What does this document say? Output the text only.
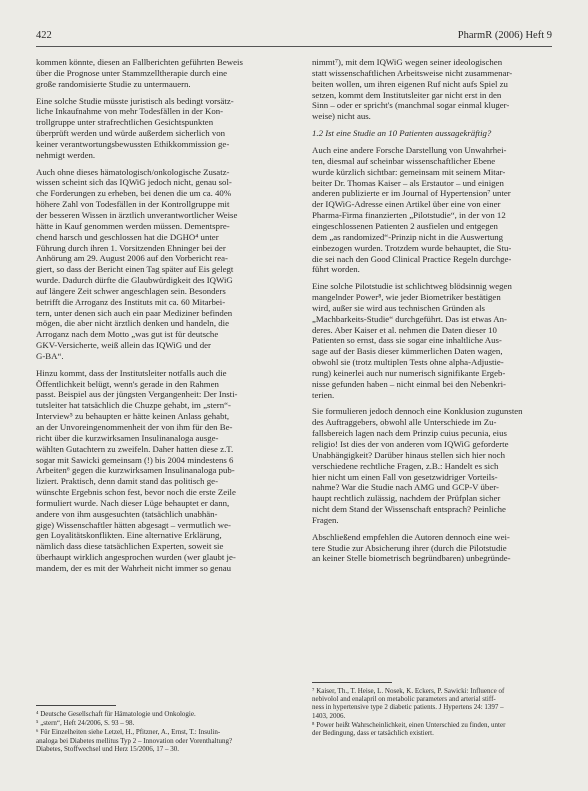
422	PharmR (2006) Heft 9

kommen könnte, diesen an Fallberichten geführten Beweis
über die Prognose unter Stammzelltherapie durch eine
große randomisierte Studie zu untermauern.

Eine solche Studie müsste juristisch als bedingt vorsätz-
liche Inkaufnahme von mehr Todesfällen in der Kon-
trollgruppe unter strafrechtlichen Gesichtspunkten
überprüft werden und würde außerdem sicherlich von
keiner verantwortungsbewussten Ethikkommission ge-
nehmigt werden.

Auch ohne dieses hämatologisch/onkologische Zusatz-
wissen scheint sich das IQWiG jedoch nicht, genau sol-
che Forderungen zu erheben, bei denen die um ca. 40%
höhere Zahl von Todesfällen in der Kontrollgruppe mit
der besseren Wissen in ärztlich unverantwortlicher Weise
hätte in Kauf genommen werden müssen. Dementspre-
chend harsch und geschlossen hat die DGHO⁴ unter
Führung durch ihren 1. Vorsitzenden Ehninger bei der
Anhörung am 29. August 2006 auf den Vorbericht rea-
giert, so dass der Bericht einen Tag später auf Eis gelegt
wurde. Dadurch dürfte die Glaubwürdigkeit des IQWiG
auf längere Zeit schwer angeschlagen sein. Besonders
betrifft die Arroganz des Instituts mit ca. 60 Mitarbei-
tern, unter denen sich auch ein paar Mediziner befinden
mögen, die aber nicht ärztlich denken und handeln, die
Arroganz nach dem Motto „was gut ist für deutsche
GKV-Versicherte, weiß allein das IQWiG und der
G-BA“.

Hinzu kommt, dass der Institutsleiter notfalls auch die
Öffentlichkeit belügt, wenn's gerade in den Rahmen
passt. Beispiel aus der jüngsten Vergangenheit: Der Insti-
tutsleiter hat tatsächlich die Chuzpe gehabt, im „stern“-
Interview⁵ zu behaupten er hätte keinen Anlass gehabt,
an der Unvoreingenommenheit der von ihm für den Be-
richt über die kurzwirksamen Insulinanaloga ausge-
wählten Gutachtern zu zweifeln. Daher hatten diese z.T.
sogar mit Sawicki gemeinsam (!) bis 2004 mindestens 6
Arbeiten⁶ gegen die kurzwirksamen Insulinanaloga pub-
liziert. Praktisch, denn damit stand das politisch ge-
wünschte Ergebnis schon fest, bevor noch die erste Zeile
formuliert wurde. Nach dieser Lüge behauptet er dann,
andere von ihm ausgesuchten (tatsächlich unabhän-
gige) Wissenschaftler hätten abgesagt – vermutlich we-
gen Loyalitätskonflikten. Eine alternative Erklärung,
nämlich dass diese tatsächlichen Experten, soweit sie
überhaupt wirklich angesprochen wurden (wer glaubt je-
mandem, der es mit der Wahrheit nicht immer so genau

⁴ Deutsche Gesellschaft für Hämatologie und Onkologie.

⁵ „stern“, Heft 24/2006, S. 93 – 98.

⁶ Für Einzelheiten siehe Letzel, H., Pfitzner, A., Ernst, T.: Insulin-
analoga bei Diabetes mellitus Typ 2 – Innovation oder Vorenthaltung?
Diabetes, Stoffwechsel und Herz 15/2006, 17 – 30.

nimmt⁷), mit dem IQWiG wegen seiner ideologischen
statt wissenschaftlichen Arbeitsweise nicht zusammenar-
beiten wollen, um ihren eigenen Ruf nicht aufs Spiel zu
setzen, kommt dem Institutsleiter gar nicht erst in den
Sinn – oder er spricht's (manchmal sogar einmal kluger-
weise) nicht aus.

1.2 Ist eine Studie an 10 Patienten aussagekräftig?

Auch eine andere Forsche Darstellung von Unwahrhei-
ten, diesmal auf scheinbar wissenschaftlicher Ebene
wurde kürzlich sichtbar: gemeinsam mit seinem Mitar-
beiter Dr. Thomas Kaiser – als Erstautor – und einigen
anderen publizierte er im Journal of Hypertension⁷ unter
der IQWiG-Adresse einen Artikel über eine von einer
Pharma-Firma finanzierten „Pilotstudie“, in der von 12
eingeschlossenen Patienten 2 ausfielen und entgegen
dem „as randomized“-Prinzip nicht in die Auswertung
einbezogen wurden. Trotzdem wurde behauptet, die Stu-
die sei nach den Good Clinical Practice Regeln durchge-
führt worden.

Eine solche Pilotstudie ist schlichtweg blödsinnig wegen
mangelnder Power⁸, wie jeder Biometriker bestätigen
wird, außer sie wird aus technischen Gründen als
„Machbarkeits-Studie“ durchgeführt. Das ist etwas An-
deres. Aber Kaiser et al. nehmen die Daten dieser 10
Patienten so ernst, dass sie sogar eine inhaltliche Aus-
sage auf der Basis dieser kümmerlichen Daten wagen,
obwohl sie (trotz multiplen Tests ohne alpha-Adjustie-
rung) keinerlei auch nur numerisch signifikante Ergeb-
nisse gefunden haben – nicht einmal bei den Nebenkri-
terien.

Sie formulieren jedoch dennoch eine Konklusion zugunsten
des Auftraggebers, obwohl alle Unterschiede im Zu-
fallsbereich lagen nach dem Prinzip cuius pecunia, eius
religio! Ist dies der von anderen vom IQWiG geforderte
Unabhängigkeit? Darüber hinaus stellen sich hier noch
verschiedene rechtliche Fragen, z.B.: Handelt es sich
hier nicht um einen Fall von gesetzwidriger Vorteils-
nahme? War die Studie nach AMG und GCP-V über-
haupt rechtlich zulässig, nachdem der Prüfplan sicher
nicht dem Stand der Wissenschaft entsprach? Peinliche
Fragen.

Abschließend empfehlen die Autoren dennoch eine wei-
tere Studie zur Absicherung ihrer (durch die Pilotstudie
an keiner Stelle biometrisch begründbaren) unbegründe-

⁷ Kaiser, Th., T. Heise, L. Nosek, K. Eckers, P. Sawicki: Influence of
nebivolol and enalapril on metabolic parameters and arterial stiff-
ness in hypertensive type 2 diabetic patients. J Hypertens 24: 1397 –
1403, 2006.

⁸ Power heißt Wahrscheinlichkeit, einen Unterschied zu finden, unter
der Bedingung, dass er tatsächlich existiert.
